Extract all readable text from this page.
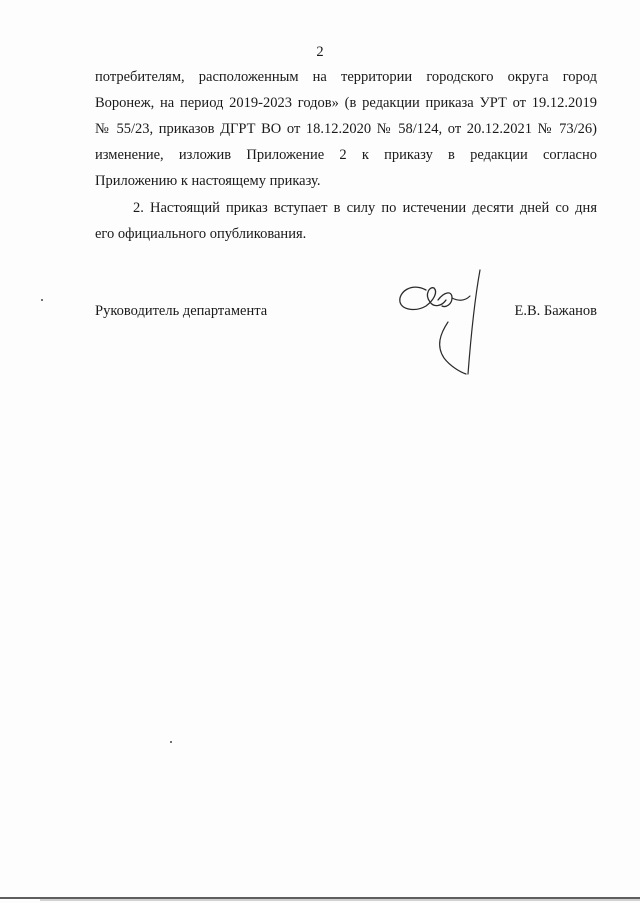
2
потребителям, расположенным на территории городского округа город
Воронеж, на период 2019-2023 годов» (в редакции приказа УРТ от 19.12.2019
№ 55/23, приказов ДГРТ ВО от 18.12.2020 № 58/124, от 20.12.2021 № 73/26)
изменение, изложив Приложение 2 к приказу в редакции согласно
Приложению к настоящему приказу.
2. Настоящий приказ вступает в силу по истечении десяти дней со дня
его официального опубликования.
Руководитель департамента	Е.В. Бажанов
